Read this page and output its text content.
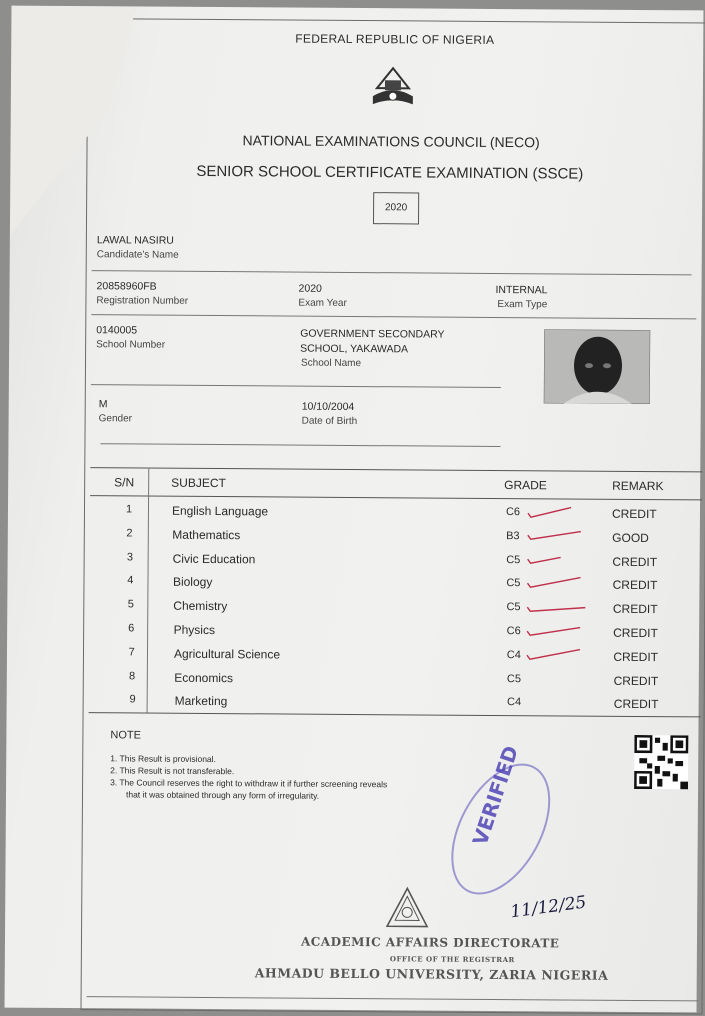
FEDERAL REPUBLIC OF NIGERIA
NATIONAL EXAMINATIONS COUNCIL (NECO)
SENIOR SCHOOL CERTIFICATE EXAMINATION (SSCE)
2020
LAWAL NASIRU
Candidate's Name
20858960FB
Registration Number
2020
Exam Year
INTERNAL
Exam Type
0140005
School Number
GOVERNMENT SECONDARY
SCHOOL, YAKAWADA
School Name
M
Gender
10/10/2004
Date of Birth
S/N	SUBJECT	GRADE	REMARK
1	English Language	C6	CREDIT
2	Mathematics	B3	GOOD
3	Civic Education	C5	CREDIT
4	Biology	C5	CREDIT
5	Chemistry	C5	CREDIT
6	Physics	C6	CREDIT
7	Agricultural Science	C4	CREDIT
8	Economics	C5	CREDIT
9	Marketing	C4	CREDIT
NOTE
1. This Result is provisional.
2. This Result is not transferable.
3. The Council reserves the right to withdraw it if further screening reveals
that it was obtained through any form of irregularity.	VERIFIED
11/12/25
ACADEMIC AFFAIRS DIRECTORATE
OFFICE OF THE REGISTRAR
AHMADU BELLO UNIVERSITY, ZARIA NIGERIA
